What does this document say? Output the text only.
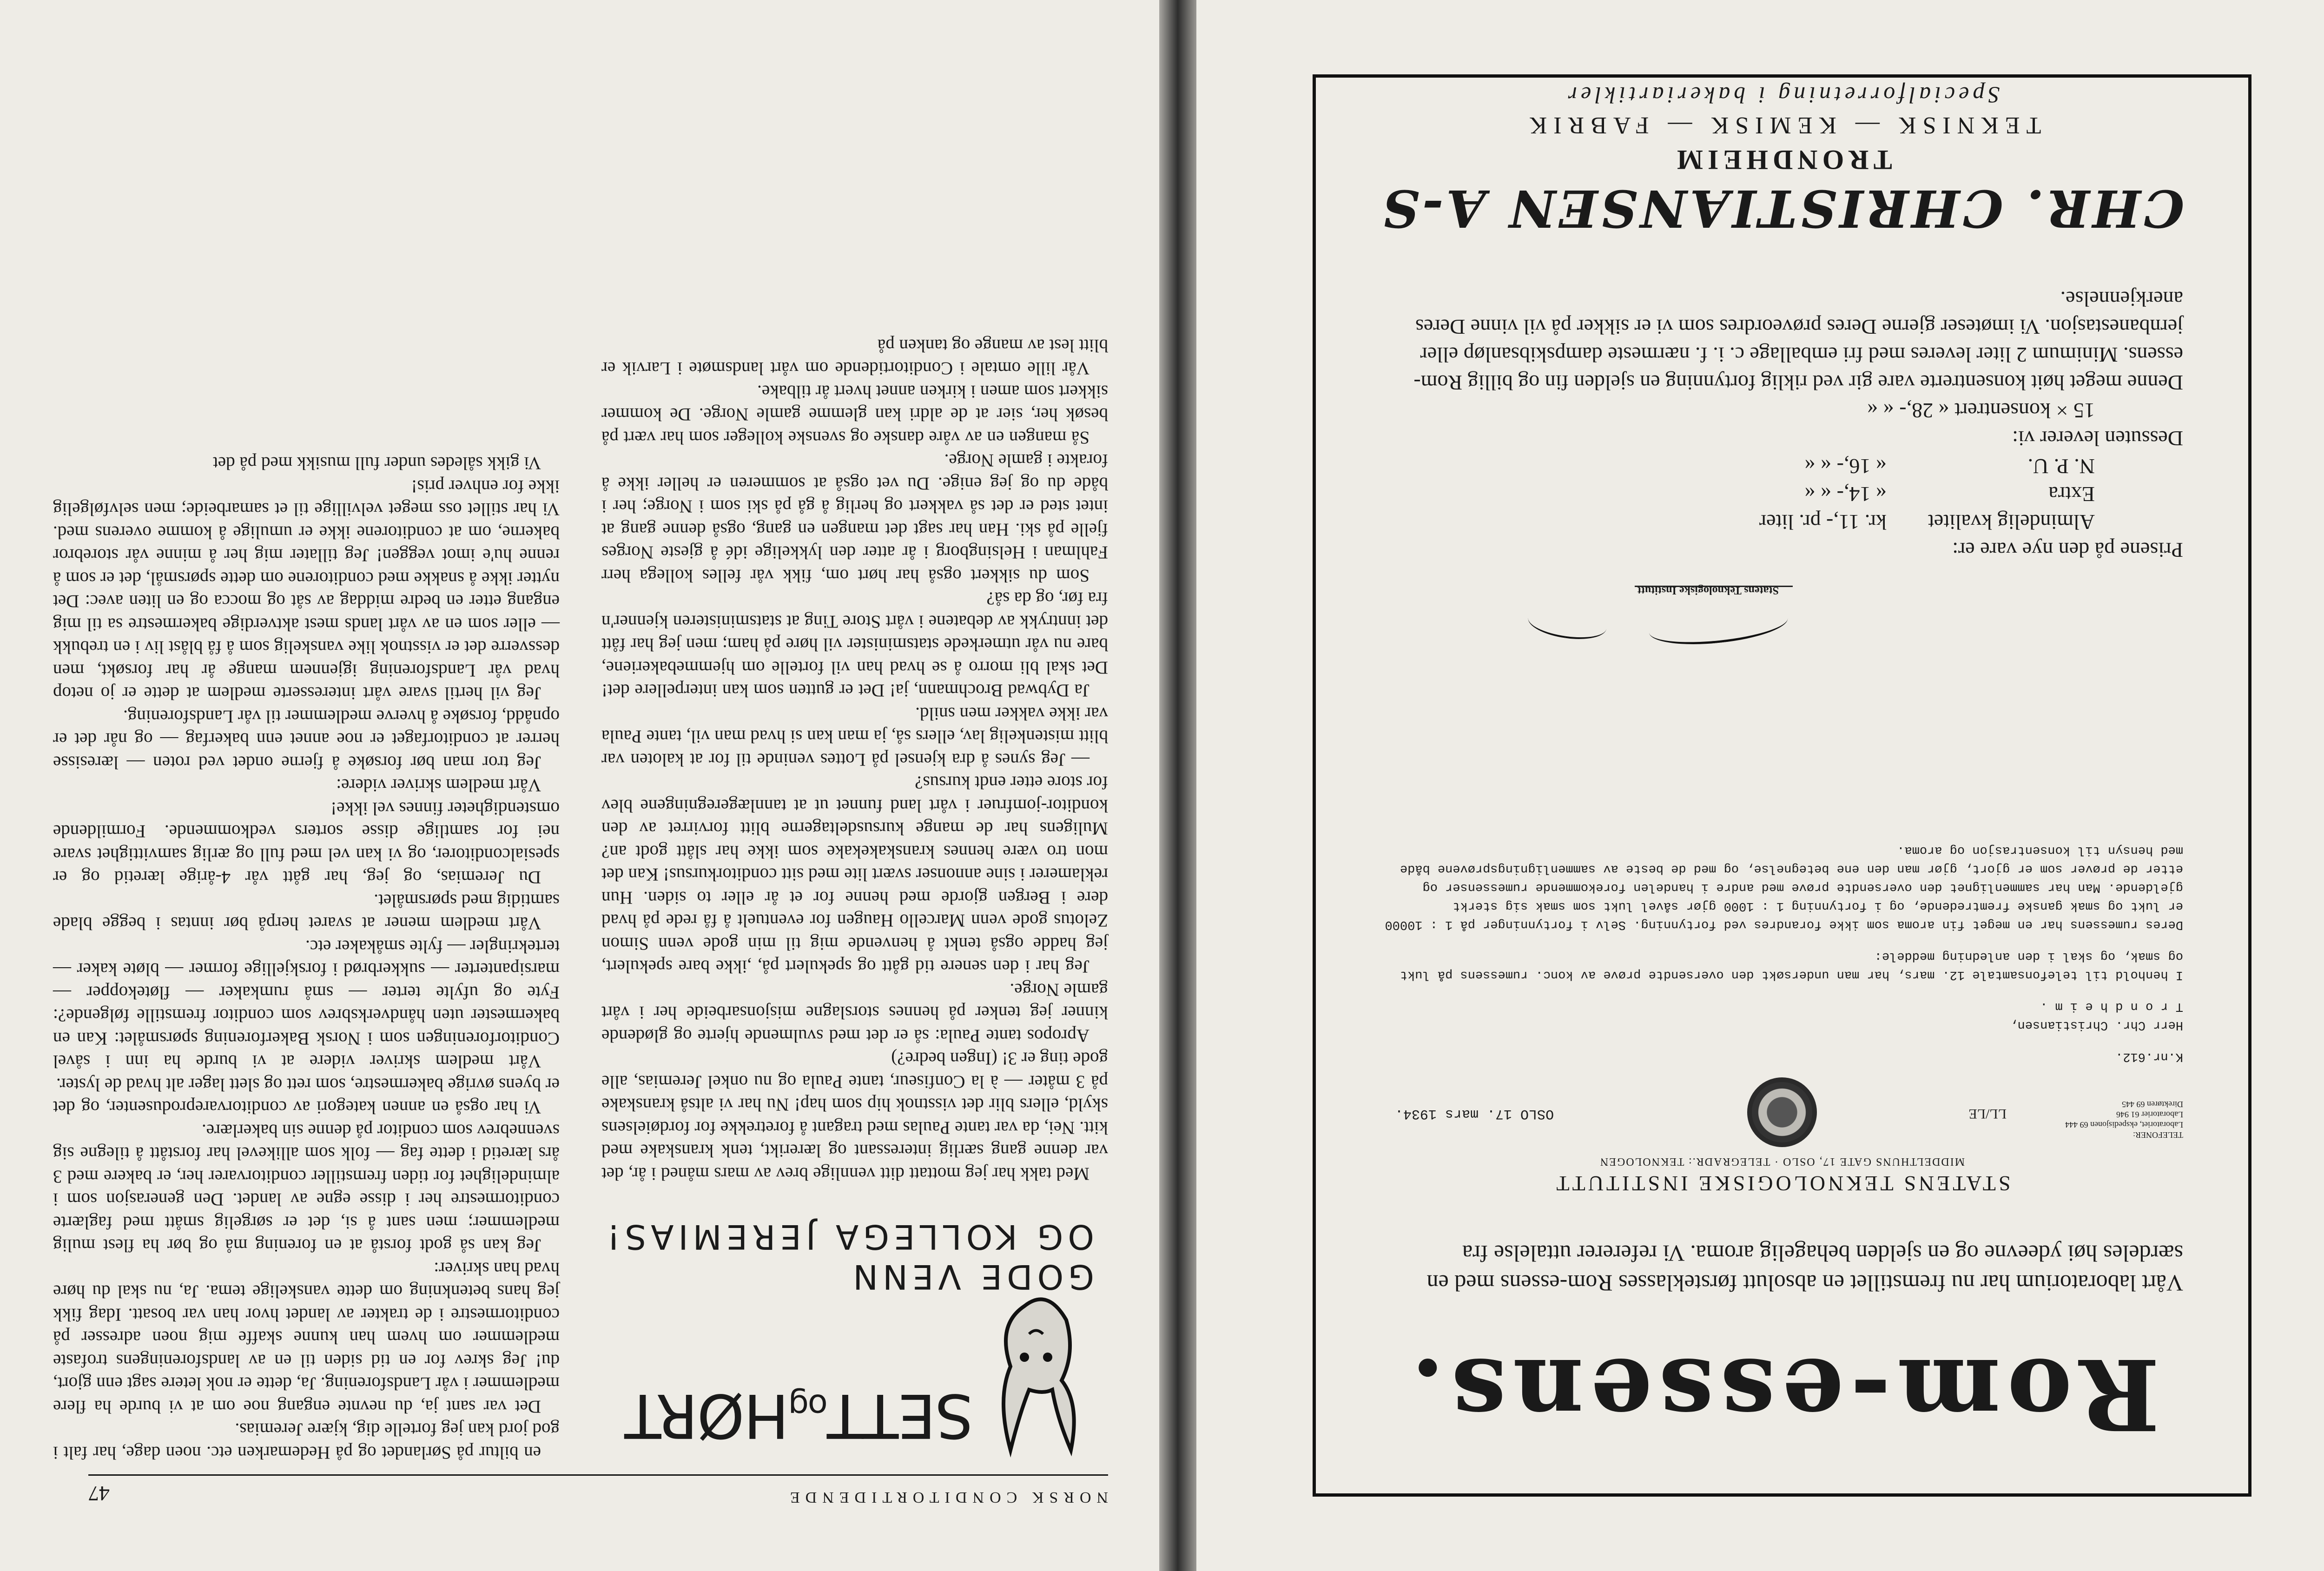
Rom-essens.
Vårt laboratorium har nu fremstillet en absolutt førsteklasses Rom-essens med en særdeles høi ydeevne og en sjelden behagelig aroma. Vi refererer uttalelse fra
STATENS TEKNOLOGISKE INSTITUTT
MIDDELTHUNS GATE 17, OSLO · TELEGRADR.: TEKNOLOGEN
TELEFONER:
Laboratoriet, ekspedisjonen 69 444
Laboratorier 61 946
Direktøren 69 445
LL/LE
OSLO 17. mars 1934.

K.nr.612.

Herr Chr. Christiansen,
T r o n d h e i m .

I henhold til telefonsamtale 12. mars, har man undersøkt den oversendte prøve av konc. rumessens på lukt og smak, og skal i den anledning meddele:

Deres rumessens har en meget fin aroma som ikke forandres ved fortynning. Selv i fortynninger på 1 : 10000 er lukt og smak ganske fremtredende, og i fortynning 1 : 1000 gjør såvel lukt som smak sig sterkt gjeldende. Man har sammenlignet den oversendte prøve med andre i handelen forekommende rumessenser og etter de prøver som er gjort, gjør man den ene betegnelse, og med de beste av sammenligningsprøvene både med hensyn til konsentrasjon og aroma.

Statens Teknologiske Institutt

Prisene på den nye vare er:

Almindelig kvalitet
kr. 11,- pr. liter
Extra
« 14,- « «
N. P. U.
« 16,- « «

Dessuten leverer vi:

15 × konsentrert « 28,- « «

Denne meget høit konsentrerte vare gir ved riklig fortynning en sjelden fin og billig Rom-essens. Minimum 2 liter leveres med fri emballage c. i. f. nærmeste dampskibsanløp eller jernbanestasjon. Vi imøteser gjerne Deres prøveordres som vi er sikker på vil vinne Deres anerkjennelse.

CHR. CHRISTIANSEN A-S
TRONDHEIM
TEKNISK — KEMISK — FABRIK
Specialforretning i bakeriartikler
NORSK CONDITORTIDENDE
47
SETTogHØRT
GODE VENN
OG KOLLEGA JEREMIAS!

Med takk har jeg mottatt ditt vennlige brev av mars måned i år, det var denne gang særlig interessant og lærerikt, tenk kranskake med kitt. Nei, da var tante Paulas med tragant å foretrekke for fordøielsens skyld, ellers blir det visstnok hip som hap! Nu har vi altså kranskake på 3 måter — à la Confiseur, tante Paula og nu onkel Jeremias, alle gode ting er 3! (Ingen bedre?)

Apropos tante Paula: så er det med svulmende hjerte og glødende kinner jeg tenker på hennes storslagne misjonsarbeide her i vårt gamle Norge.

Jeg har i den senere tid gått og spekulert på, ,ikke bare spekulert, jeg hadde også tenkt å henvende mig til min gode venn Simon Zelotus gode venn Marcello Haugen for eventuelt å få rede på hvad dere i Bergen gjorde med henne for et år eller to siden. Hun reklamerer i sine annonser svært lite med sitt conditorkursus! Kan det mon tro være hennes kranskakekake som ikke har slått godt an? Muligens har de mange kursusdeltagerne blitt forvirret av den konditor-jomfruer i vårt land funnet ut at tannlægeregningene blev for store etter endt kursus?

— Jeg synes å dra kjensel på Lottes veninde til for at kaloten var blitt mistenkelig lav, ellers så, ja man kan si hvad man vil, tante Paula var ikke vakker men snild.

Ja Dybwad Brochmann, ja! Det er gutten som kan interpellere det! Det skal bli morro å se hvad han vil fortelle om hjemmebakeriene, bare nu vår utmerkede statsminister vil høre på ham; men jeg har fått det inntrykk av debatene i vårt Store Ting at statsministeren kjenner'n fra før, og da så?

Som du sikkert også har hørt om, fikk vår felles kollega herr Fahlman i Helsingborg i år atter den lykkelige idé å gjeste Norges fjelle på ski. Han har sagt det mangen en gang, også denne gang at intet sted er det så vakkert og herlig å gå på ski som i Norge; her i både du og jeg enige. Du vet også at sommeren er heller ikke å forakte i gamle Norge.

Så mangen en av våre danske og svenske kolleger som har vært på besøk her, sier at de aldri kan glemme gamle Norge. De kommer sikkert som amen i kirken annet hvert år tilbake.

Vår lille omtale i Conditortidende om vårt landsmøte i Larvik er blitt lest av mange og tanken på

en biltur på Sørlandet og på Hedemarken etc. noen dage, har falt i god jord kan jeg fortelle dig, kjære Jeremias.

Det var sant ja, du nevnte engang noe om at vi burde ha flere medlemmer i vår Landsforening. Ja, dette er nok letere sagt enn gjort, du! Jeg skrev for en tid siden til en av landsforeningens trofaste medlemmer om hvem han kunne skaffe mig noen adresser på conditormestre i de trakter av landet hvor han var bosatt. Idag fikk jeg hans betenkning om dette vanskelige tema. Ja, nu skal du høre hvad han skriver:

Jeg kan så godt forstå at en forening må og bør ha flest mulig medlemmer; men sant å si, det er sørgelig smått med faglærte conditormestre her i disse egne av landet. Den generasjon som i almindelighet for tiden fremstiller conditorvarer her, er bakere med 3 års læretid i dette fag — folk som allikevel har forstått å tilegne sig svennebrev som conditor på denne sin bakerlære.

Vi har også en annen kategori av conditorvareprodusenter, og det er byens øvrige bakermestre, som rett og slett lager alt hvad de lyster.

Vårt medlem skriver videre at vi burde ha inn i såvel Conditorforeningen som i Norsk Bakerforening spørsmålet: Kan en bakermester uten håndverksbrev som conditor fremstille følgende?: Fyte og ufylte terter — små rumkaker — fløtekopper — marsipanterter — sukkerbrød i forskjellige former — bløte kaker — tertekringler — fylte småkaker etc.

Vårt medlem mener at svaret herpå bør inntas i begge blade samtidig med spørsmålet.

Du Jeremias, og jeg, har gått vår 4-årige læretid og er spesialconditorer, og vi kan vel med full og ærlig samvittighet svare nei for samtlige disse sorters vedkommende. Formildende omstendigheter finnes vel ikke!

Vårt medlem skriver videre:

Jeg tror man bør forsøke å fjerne ondet ved roten — læresisse herrer at conditorfaget er noe annet enn bakerfag — og når det er opnådd, forsøke å hverve medlemmer til vår Landsforening.

Jeg vil hertil svare vårt interesserte medlem at dette er jo netop hvad vår Landsforening igjennem mange år har forsøkt, men dessverre det er visstnok like vanskelig som å få blåst liv i en trebukk — eller som en av vårt lands mest aktverdige bakermestre sa til mig engang etter en bedre middag av såt og mocca og en liten avec: Det nytter ikke å snakke med conditorene om dette spørsmål, det er som å renne hu'e imot veggen! Jeg tillater mig her å minne vår storebror bakerne, om at conditorene ikke er umulige å komme overens med. Vi har stillet oss meget velvillige til et samarbeide; men selvfølgelig ikke for enhver pris!

Vi gikk således under full musikk med på det
